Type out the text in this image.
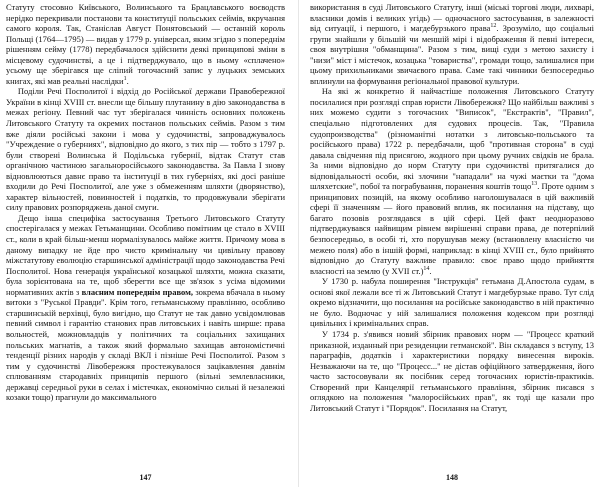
Статуту стосовно Київського, Волинського та Брацлавського воєводств нерідко перекривали постанови та конституції польських сеймів, вкручання самого короля. Так, Станіслав Август Понятовський — останній король Польщі (1764—1795) — видав у 1779 р. універсал, яким згідно з попереднім рішенням сейму (1778) передбачалося здійснити деякі принципові зміни в місцевому судочинстві, а це і підтверджувало, що в ньому «сплачено» усьому ще зберігався ще сліпий тогочасний запис у луцьких земських книгах, які мав реальні наслідки$^1$.

Поділи Речі Посполитої і відхід до Російської держави Правобережної України в кінці XVIII ст. внесли ще більшу плутанину в дію законодавства в межах регіону. Певний час тут зберігалася чинність основних положень Литовського Статуту та окремих постанов польських сеймів. Разом з тим вже діяли російські закони і мова у судочинстві, запроваджувалось "Учреждение о губерниях", відповідно до якого, з тих пір — тобто з 1797 р. були створені Волинська й Подільська губернії, відтак Статут став органічною частиною загальноросійського законодавства. За Павла І знову відновлюються давнє право та інституції в тих губерніях, які досі раніше входили до Речі Посполитої, але уже з обмеженням шляхти (дворянство), характер вільностей, повинностей і податків, то продовжували зберігати силу правових розпоряджень даної смуги.

Дещо інша специфіка застосування Третього Литовського Статуту спостерігалася у межах Гетьманщини. Особливо помітним це стало в XVIII ст., коли в край більш-менш нормалізувалось майже життя. Причому мова в даному випадку не йде про чисто кримінальну чи цивільну правову міжстатутову еволюцію старшинської адміністрації щодо законодавства Речі Посполитої. Нова генерація української козацької шляхти, можна сказати, була зорієнтована на те, щоб зберегти все ще зв'язок з усіма відомими нормативних актів з власним попереднім правом, зокрема вбачала в ньому витоки з "Руської Правди". Крім того, гетьманському правлінню, особливо старшинській верхівці, було вигідно, що Статут не так давно усвідомлював певний символ і гарантію станових прав литовських і навіть ширше: права вольностей, можновладців у політичних та соціальних захищаних польських магнатів, а також який формально захищав автономістичні тенденції різних народів у складі ВКЛ і пізніше Речі Посполитої. Разом з тим у судочинстві Лівобережжя простежувалося зацікавлення давнім сплюванням стародавніх принципів першого (вільні землевласники, державці середньої руки в селах і містечках, економічно сильні й незалежні козаки тощо) прагнули до максимального

147

використання в суді Литовського Статуту, інші (міські торгові люди, лихварі, власники домів і великих угідь) — одночасного застосування, в залежності від ситуації, і першого, і магдебурзького права$^{12}$. Зрозуміло, що соціальні групи знайшли у більшій чи меншій мірі і відображення й певні інтереси, своя внутрішня "обманщина". Разом з тим, вищі суди з метою захисту і "низи" міст і містечок, козацька "товариства", громади тощо, залишалися при цьому прихильниками звичаєвого права. Саме такі чинники безпосередньо вплинули на формування регіональної правової культури.

На які ж конкретно й найчастіше положення Литовського Статуту посилалися при розгляді справ юристи Лівобережжя? Що найбільш важливі з них можемо судити з тогочасних "Виписок", "Екстрактів", "Правил", спеціально підготовлених для судових процесів. Так, "Правила судопроизводства" (різноманітні нотатки з литовсько-польського та російського права) 1722 р. передбачали, щоб "противная сторона" в суді давала свідчення під присягою, жодного при цьому ручних свідків не брала. За ними відповідно до норм Статуту при судочинстві притягалися до відповідальності особи, які злочини "нападали" на чужі маєтки та "дома шляхетские", побої та пограбування, поранення коштів тощо$^{13}$. Проте одним з принципових позицій, на якому особливо наголошувалася в цій важливій сфері її значенням — його правовий вплив, як посилання на підставу, що багато позовів розглядався в цій сфері. Цей факт неодноразово підтверджувався найвищим рівнем вирішенні справи права, де потерпілий безпосередньо, в особі ті, хто порушував межу (встановлену власністю чи межею поля) або в іншій формі, наприклад: в кінці XVIII ст., було прийнято відповідно до Статуту важливе правило: своє право щодо прийняття власності на землю (у XVII ст.)$^{14}$.

У 1730 р. набула поширення "Інструкція" гетьмана Д.Апостола судам, в основі якої лежали все ті ж Литовський Статут і магдебурзьке право. Тут слід окремо відзначити, що посилання на російське законодавство в ній практично не було. Водночас у ній залишалися положення кодексом при розгляді цивільних і кримінальних справ.

У 1734 р. з'явився новий збірник правових норм — "Процесс краткий приказной, изданный при резиденции гетманской". Він складався з вступу, 13 параграфів, додатків і характеристики порядку винесення вироків. Незважаючи на те, що "Процесс..." не дістав офіційного затвердження, його часто застосовували як посібник серед тогочасних юристів-практиків. Створений при Канцелярії гетьманського правління, збірник писався з оглядкою на положення "малоросійських прав", як тоді ще казали про Литовський Статут і "Порядок". Посилання на Статут,

148
